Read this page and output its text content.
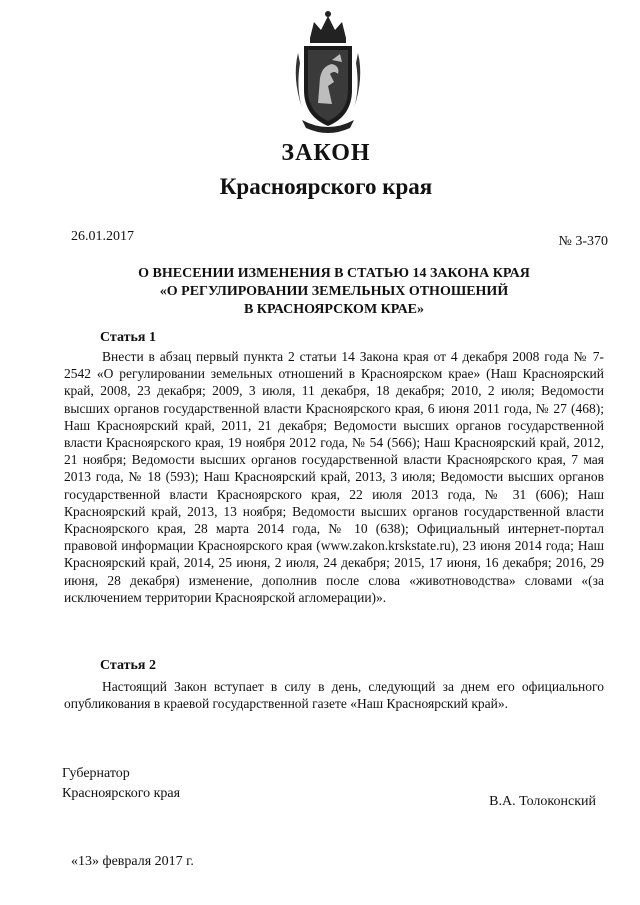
ЗАКОН
Красноярского края
26.01.2017	№ 3-370
О ВНЕСЕНИИ ИЗМЕНЕНИЯ В СТАТЬЮ 14 ЗАКОНА КРАЯ
«О РЕГУЛИРОВАНИИ ЗЕМЕЛЬНЫХ ОТНОШЕНИЙ
В КРАСНОЯРСКОМ КРАЕ»
Статья 1
Внести в абзац первый пункта 2 статьи 14 Закона края от 4 декабря 2008 года № 7-2542 «О регулировании земельных отношений в Красноярском крае» (Наш Красноярский край, 2008, 23 декабря; 2009, 3 июля, 11 декабря, 18 декабря; 2010, 2 июля; Ведомости высших органов государственной власти Красноярского края, 6 июня 2011 года, № 27 (468); Наш Красноярский край, 2011, 21 декабря; Ведомости высших органов государственной власти Красноярского края, 19 ноября 2012 года, № 54 (566); Наш Красноярский край, 2012, 21 ноября; Ведомости высших органов государственной власти Красноярского края, 7 мая 2013 года, № 18 (593); Наш Красноярский край, 2013, 3 июля; Ведомости высших органов государственной власти Красноярского края, 22 июля 2013 года, № 31 (606); Наш Красноярский край, 2013, 13 ноября; Ведомости высших органов государственной власти Красноярского края, 28 марта 2014 года, № 10 (638); Официальный интернет-портал правовой информации Красноярского края (www.zakon.krskstate.ru), 23 июня 2014 года; Наш Красноярский край, 2014, 25 июня, 2 июля, 24 декабря; 2015, 17 июня, 16 декабря; 2016, 29 июня, 28 декабря) изменение, дополнив после слова «животноводства» словами «(за исключением территории Красноярской агломерации)».
Статья 2
Настоящий Закон вступает в силу в день, следующий за днем его официального опубликования в краевой государственной газете «Наш Красноярский край».
Губернатор
Красноярского края
В.А. Толоконский
«13» февраля 2017 г.
